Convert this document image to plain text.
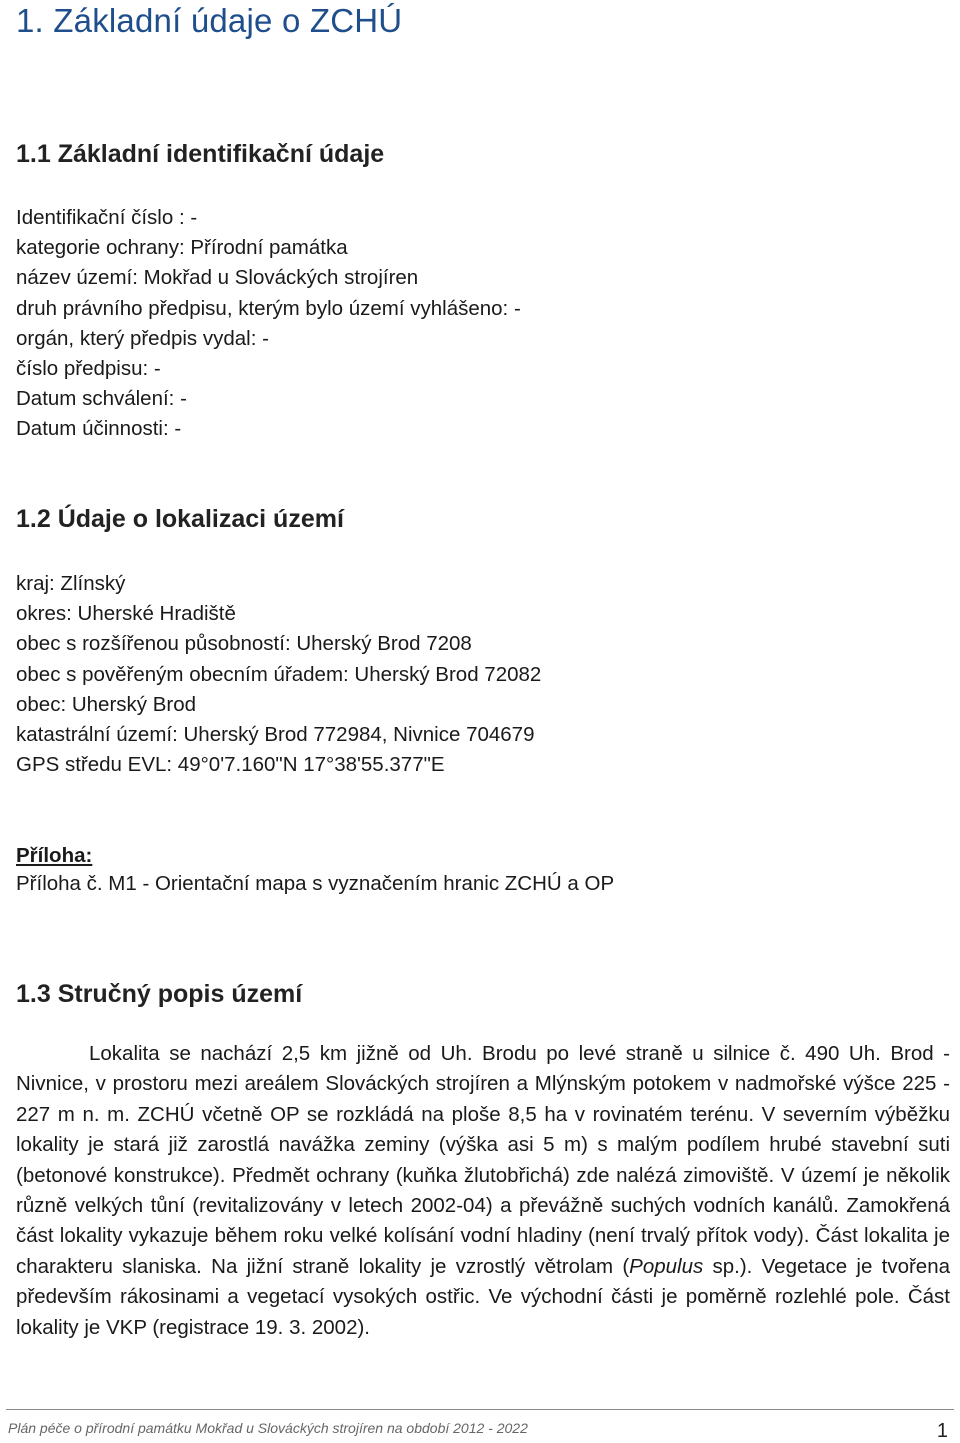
1. Základní údaje o ZCHÚ
1.1 Základní identifikační údaje
Identifikační číslo : -
kategorie ochrany: Přírodní památka
název území: Mokřad u Slováckých strojíren
druh právního předpisu, kterým bylo území vyhlášeno: -
orgán, který předpis vydal: -
číslo předpisu: -
Datum schválení: -
Datum účinnosti: -
1.2 Údaje o lokalizaci území
kraj: Zlínský
okres: Uherské Hradiště
obec s rozšířenou působností: Uherský Brod 7208
obec s pověřeným obecním úřadem: Uherský Brod 72082
obec: Uherský Brod
katastrální území: Uherský Brod 772984, Nivnice 704679
GPS středu EVL: 49°0'7.160"N 17°38'55.377"E

Příloha:

Příloha č. M1 - Orientační mapa s vyznačením hranic ZCHÚ a OP

1.3 Stručný popis území

Lokalita se nachází 2,5 km jižně od Uh. Brodu po levé straně u silnice č. 490 Uh. Brod - Nivnice, v prostoru mezi areálem Slováckých strojíren a Mlýnským potokem v nadmořské výšce 225 - 227 m n. m. ZCHÚ včetně OP se rozkládá na ploše 8,5 ha v rovinatém terénu. V severním výběžku lokality je stará již zarostlá navážka zeminy (výška asi 5 m) s malým podílem hrubé stavební suti (betonové konstrukce). Předmět ochrany (kuňka žlutobřichá) zde nalézá zimoviště. V území je několik různě velkých tůní (revitalizovány v letech 2002-04) a převážně suchých vodních kanálů. Zamokřená část lokality vykazuje během roku velké kolísání vodní hladiny (není trvalý přítok vody). Část lokalita je charakteru slaniska. Na jižní straně lokality je vzrostlý větrolam (Populus sp.). Vegetace je tvořena především rákosinami a vegetací vysokých ostřic. Ve východní části je poměrně rozlehlé pole. Část lokality je VKP (registrace 19. 3. 2002).

Plán péče o přírodní památku Mokřad u Slováckých strojíren na období 2012 - 2022	1
